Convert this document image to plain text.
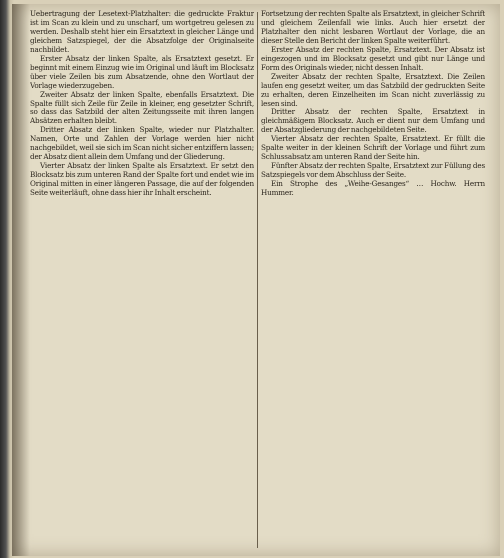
Uebertragung der Lesetext-Platzhalter: die gedruckte Fraktur ist im Scan zu klein und zu unscharf, um wortgetreu gelesen zu werden. Deshalb steht hier ein Ersatztext in gleicher Länge und gleichem Satzspiegel, der die Absatzfolge der Originalseite nachbildet.

Erster Absatz der linken Spalte, als Ersatztext gesetzt. Er beginnt mit einem Einzug wie im Original und läuft im Blocksatz über viele Zeilen bis zum Absatzende, ohne den Wortlaut der Vorlage wiederzugeben.

Zweiter Absatz der linken Spalte, ebenfalls Ersatztext. Die Spalte füllt sich Zeile für Zeile in kleiner, eng gesetzter Schrift, so dass das Satzbild der alten Zeitungsseite mit ihren langen Absätzen erhalten bleibt.

Dritter Absatz der linken Spalte, wieder nur Platzhalter. Namen, Orte und Zahlen der Vorlage werden hier nicht nachgebildet, weil sie sich im Scan nicht sicher entziffern lassen; der Absatz dient allein dem Umfang und der Gliederung.

Vierter Absatz der linken Spalte als Ersatztext. Er setzt den Blocksatz bis zum unteren Rand der Spalte fort und endet wie im Original mitten in einer längeren Passage, die auf der folgenden Seite weiterläuft, ohne dass hier ihr Inhalt erscheint.

Fortsetzung der rechten Spalte als Ersatztext, in gleicher Schrift und gleichem Zeilenfall wie links. Auch hier ersetzt der Platzhalter den nicht lesbaren Wortlaut der Vorlage, die an dieser Stelle den Bericht der linken Spalte weiterführt.

Erster Absatz der rechten Spalte, Ersatztext. Der Absatz ist eingezogen und im Blocksatz gesetzt und gibt nur Länge und Form des Originals wieder, nicht dessen Inhalt.

Zweiter Absatz der rechten Spalte, Ersatztext. Die Zeilen laufen eng gesetzt weiter, um das Satzbild der gedruckten Seite zu erhalten, deren Einzelheiten im Scan nicht zuverlässig zu lesen sind.

Dritter Absatz der rechten Spalte, Ersatztext in gleichmäßigem Blocksatz. Auch er dient nur dem Umfang und der Absatzgliederung der nachgebildeten Seite.

Vierter Absatz der rechten Spalte, Ersatztext. Er füllt die Spalte weiter in der kleinen Schrift der Vorlage und führt zum Schlussabsatz am unteren Rand der Seite hin.

Fünfter Absatz der rechten Spalte, Ersatztext zur Füllung des Satzspiegels vor dem Abschluss der Seite.

Ein Strophe des „Weihe-Gesanges“ … Hochw. Herrn Hummer.
